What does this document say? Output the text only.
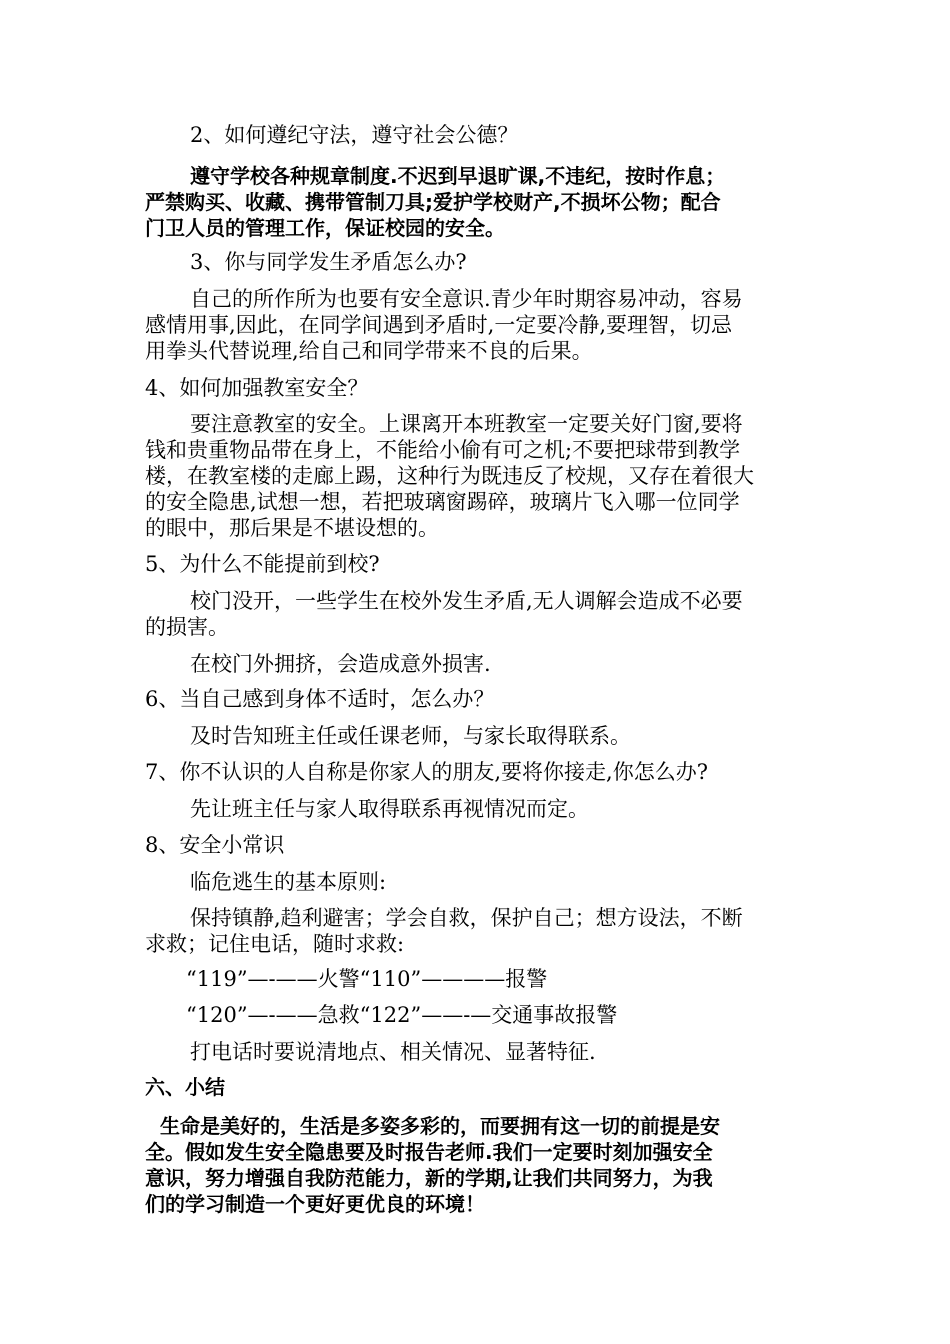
2、如何遵纪守法，遵守社会公德？
遵守学校各种规章制度.不迟到早退旷课,不违纪，按时作息；
严禁购买、收藏、携带管制刀具;爱护学校财产,不损坏公物；配合
门卫人员的管理工作，保证校园的安全。
3、你与同学发生矛盾怎么办?
自己的所作所为也要有安全意识.青少年时期容易冲动，容易
感情用事,因此，在同学间遇到矛盾时,一定要冷静,要理智，切忌
用拳头代替说理,给自己和同学带来不良的后果。
4、如何加强教室安全？
要注意教室的安全。上课离开本班教室一定要关好门窗,要将
钱和贵重物品带在身上，不能给小偷有可之机;不要把球带到教学
楼，在教室楼的走廊上踢，这种行为既违反了校规，又存在着很大
的安全隐患,试想一想，若把玻璃窗踢碎，玻璃片飞入哪一位同学
的眼中，那后果是不堪设想的。
5、为什么不能提前到校?
校门没开，一些学生在校外发生矛盾,无人调解会造成不必要
的损害。
在校门外拥挤，会造成意外损害.
6、当自己感到身体不适时，怎么办？
及时告知班主任或任课老师，与家长取得联系。
7、你不认识的人自称是你家人的朋友,要将你接走,你怎么办?
先让班主任与家人取得联系再视情况而定。
8、安全小常识
临危逃生的基本原则:
保持镇静,趋利避害；学会自救，保护自己；想方设法，不断
求救；记住电话，随时求救:
“119”—-——火警“110”————报警
“120”—-——急救“122”——-—交通事故报警
打电话时要说清地点、相关情况、显著特征.
六、小结
生命是美好的，生活是多姿多彩的，而要拥有这一切的前提是安
全。假如发生安全隐患要及时报告老师.我们一定要时刻加强安全
意识，努力增强自我防范能力，新的学期,让我们共同努力，为我
们的学习制造一个更好更优良的环境！
